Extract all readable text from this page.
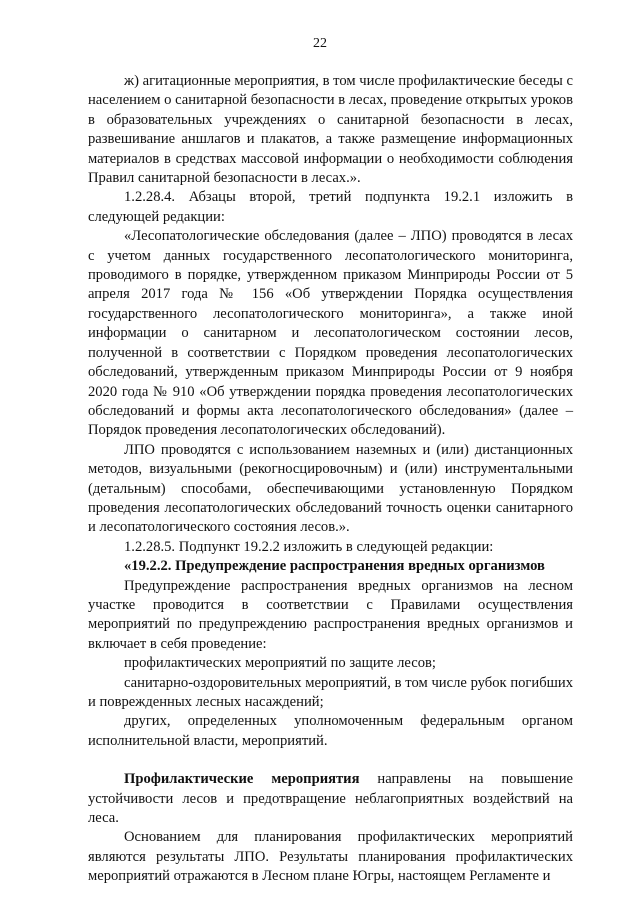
22

ж) агитационные мероприятия, в том числе профилактические беседы с населением о санитарной безопасности в лесах, проведение открытых уроков в образовательных учреждениях о санитарной безопасности в лесах, развешивание аншлагов и плакатов, а также размещение информационных материалов в средствах массовой информации о необходимости соблюдения Правил санитарной безопасности в лесах.».

1.2.28.4. Абзацы второй, третий подпункта 19.2.1 изложить в следующей редакции:

«Лесопатологические обследования (далее – ЛПО) проводятся в лесах с учетом данных государственного лесопатологического мониторинга, проводимого в порядке, утвержденном приказом Минприроды России от 5 апреля 2017 года № 156 «Об утверждении Порядка осуществления государственного лесопатологического мониторинга», а также иной информации о санитарном и лесопатологическом состоянии лесов, полученной в соответствии с Порядком проведения лесопатологических обследований, утвержденным приказом Минприроды России от 9 ноября 2020 года № 910 «Об утверждении порядка проведения лесопатологических обследований и формы акта лесопатологического обследования» (далее – Порядок проведения лесопатологических обследований).

ЛПО проводятся с использованием наземных и (или) дистанционных методов, визуальными (рекогносцировочным) и (или) инструментальными (детальным) способами, обеспечивающими установленную Порядком проведения лесопатологических обследований точность оценки санитарного и лесопатологического состояния лесов.».

1.2.28.5. Подпункт 19.2.2 изложить в следующей редакции:

«19.2.2. Предупреждение распространения вредных организмов

Предупреждение распространения вредных организмов на лесном участке проводится в соответствии с Правилами осуществления мероприятий по предупреждению распространения вредных организмов и включает в себя проведение:

профилактических мероприятий по защите лесов;

санитарно-оздоровительных мероприятий, в том числе рубок погибших и поврежденных лесных насаждений;

других, определенных уполномоченным федеральным органом исполнительной власти, мероприятий.

Профилактические мероприятия направлены на повышение устойчивости лесов и предотвращение неблагоприятных воздействий на леса.

Основанием для планирования профилактических мероприятий являются результаты ЛПО. Результаты планирования профилактических мероприятий отражаются в Лесном плане Югры, настоящем Регламенте и
